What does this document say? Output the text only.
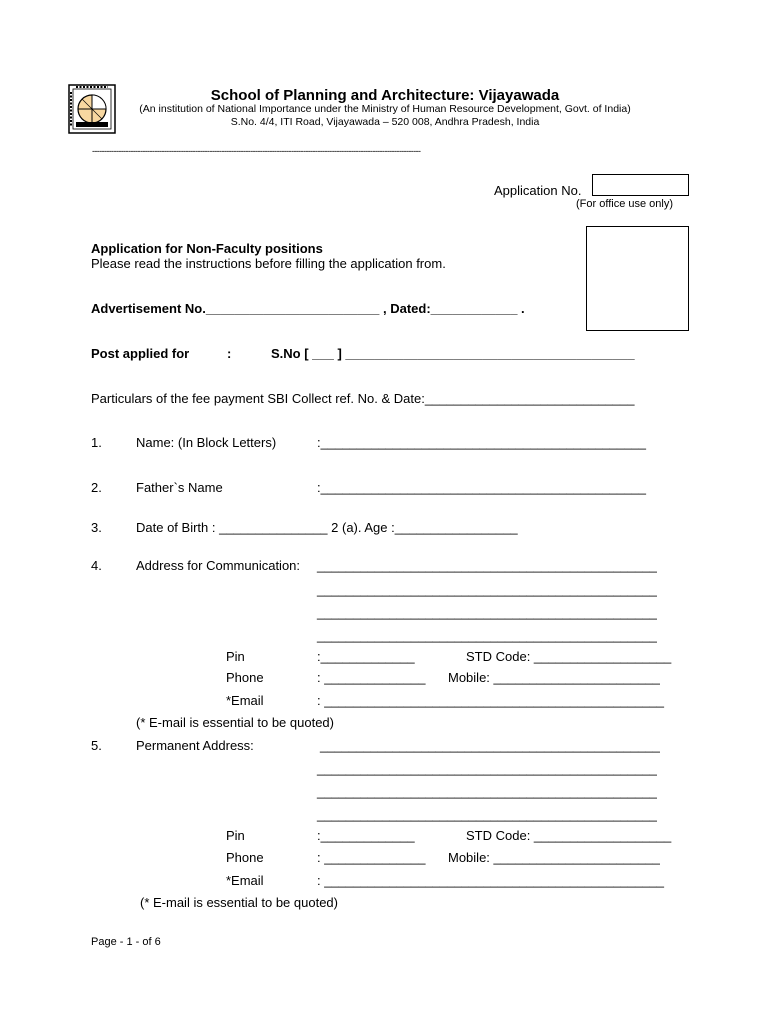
School of Planning and Architecture: Vijayawada
(An institution of National Importance under the Ministry of Human Resource Development, Govt. of India)
S.No. 4/4, ITI Road, Vijayawada – 520 008, Andhra Pradesh, India
-----------------------------------------------------------------------------------------------------------------------------------------
Application No.
(For office use only)
Application for Non-Faculty positions
Please read the instructions before filling the application from.
Advertisement No.________________________ , Dated:____________ .
Post applied for	:	S.No [ ___ ] ________________________________________
Particulars of the fee payment SBI Collect ref. No. & Date:_____________________________
1.	Name: (In Block Letters)	:_____________________________________________
2.	Father`s Name	:_____________________________________________
3.	Date of Birth : _______________ 2 (a). Age :_________________
4.	Address for Communication: _______________________________________________
_______________________________________________
_______________________________________________
_______________________________________________
Pin	:_____________	STD Code: ___________________
Phone	: ______________ Mobile: _______________________
*Email	: _______________________________________________
(* E-mail is essential to be quoted)
5.	Permanent Address:	_______________________________________________
_______________________________________________
_______________________________________________
_______________________________________________
Pin	:_____________	STD Code: ___________________
Phone	: ______________ Mobile: _______________________
*Email	: _______________________________________________
(* E-mail is essential to be quoted)
Page - 1 - of 6
